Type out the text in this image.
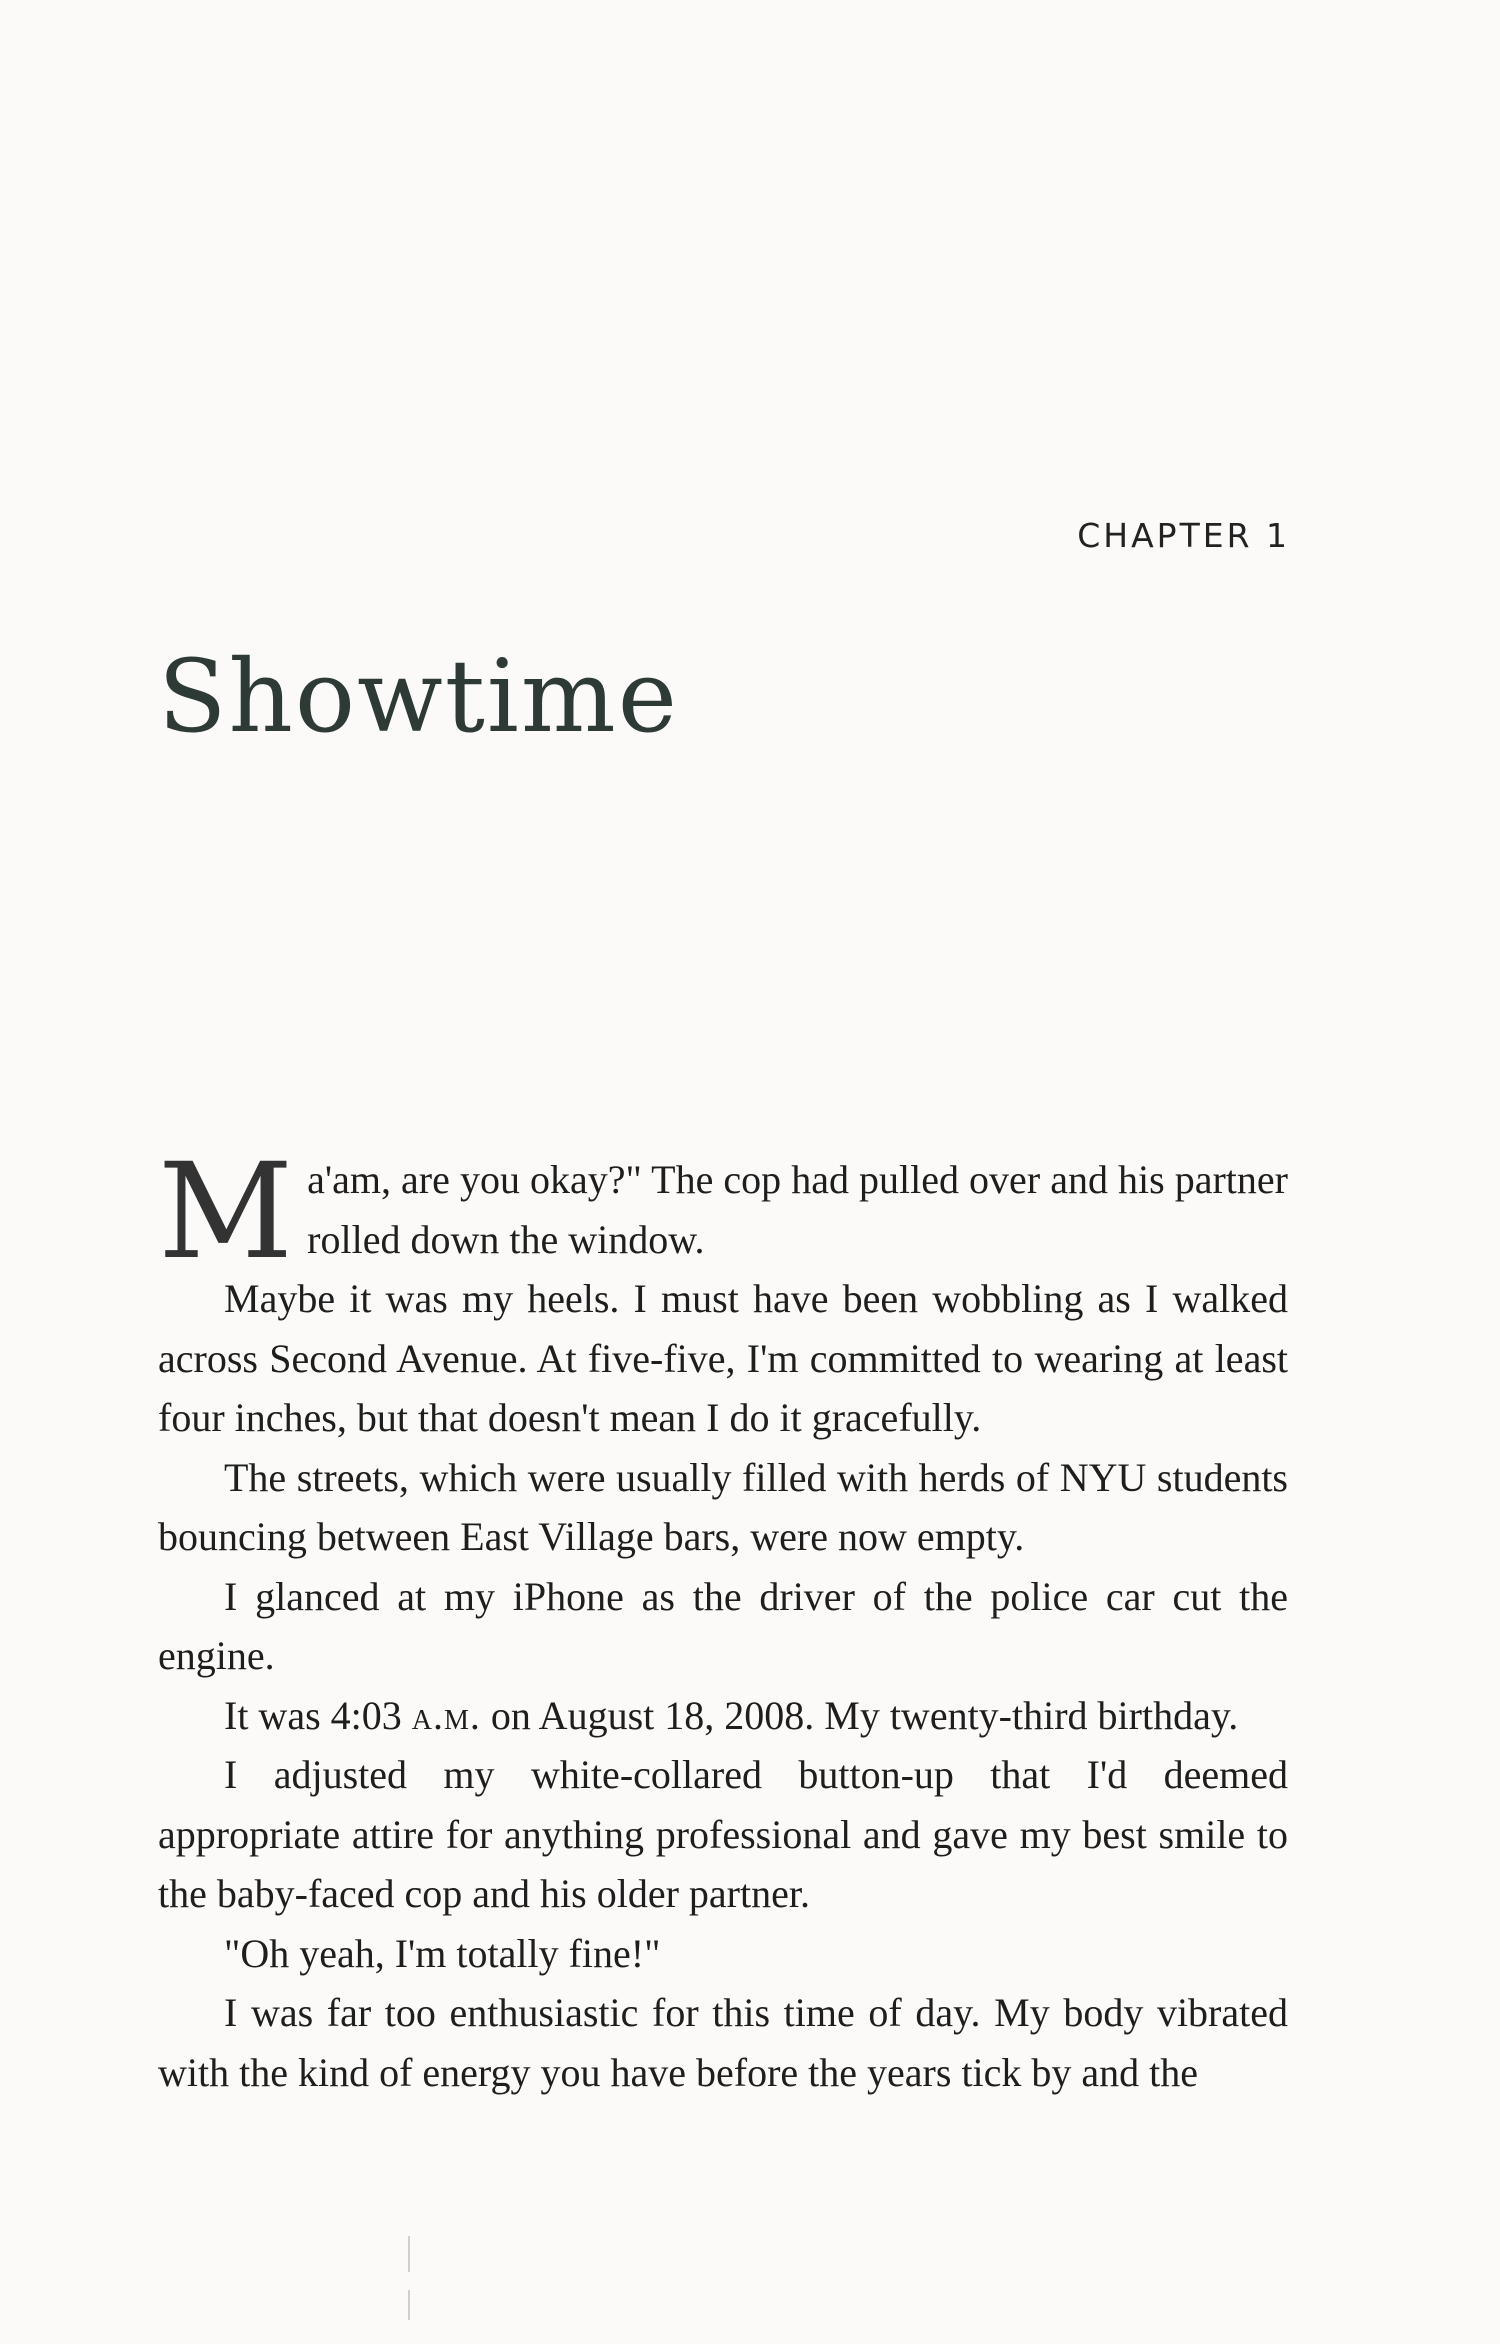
CHAPTER 1
Showtime

Ma'am, are you okay?" The cop had pulled over and his partner rolled down the window.

Maybe it was my heels. I must have been wobbling as I walked across Second Avenue. At five-five, I'm committed to wearing at least four inches, but that doesn't mean I do it gracefully.

The streets, which were usually filled with herds of NYU students bouncing between East Village bars, were now empty.

I glanced at my iPhone as the driver of the police car cut the engine.

It was 4:03 a.m. on August 18, 2008. My twenty-third birthday.

I adjusted my white-collared button-up that I'd deemed appropriate attire for anything professional and gave my best smile to the baby-faced cop and his older partner.

"Oh yeah, I'm totally fine!"

I was far too enthusiastic for this time of day. My body vibrated with the kind of energy you have before the years tick by and the
